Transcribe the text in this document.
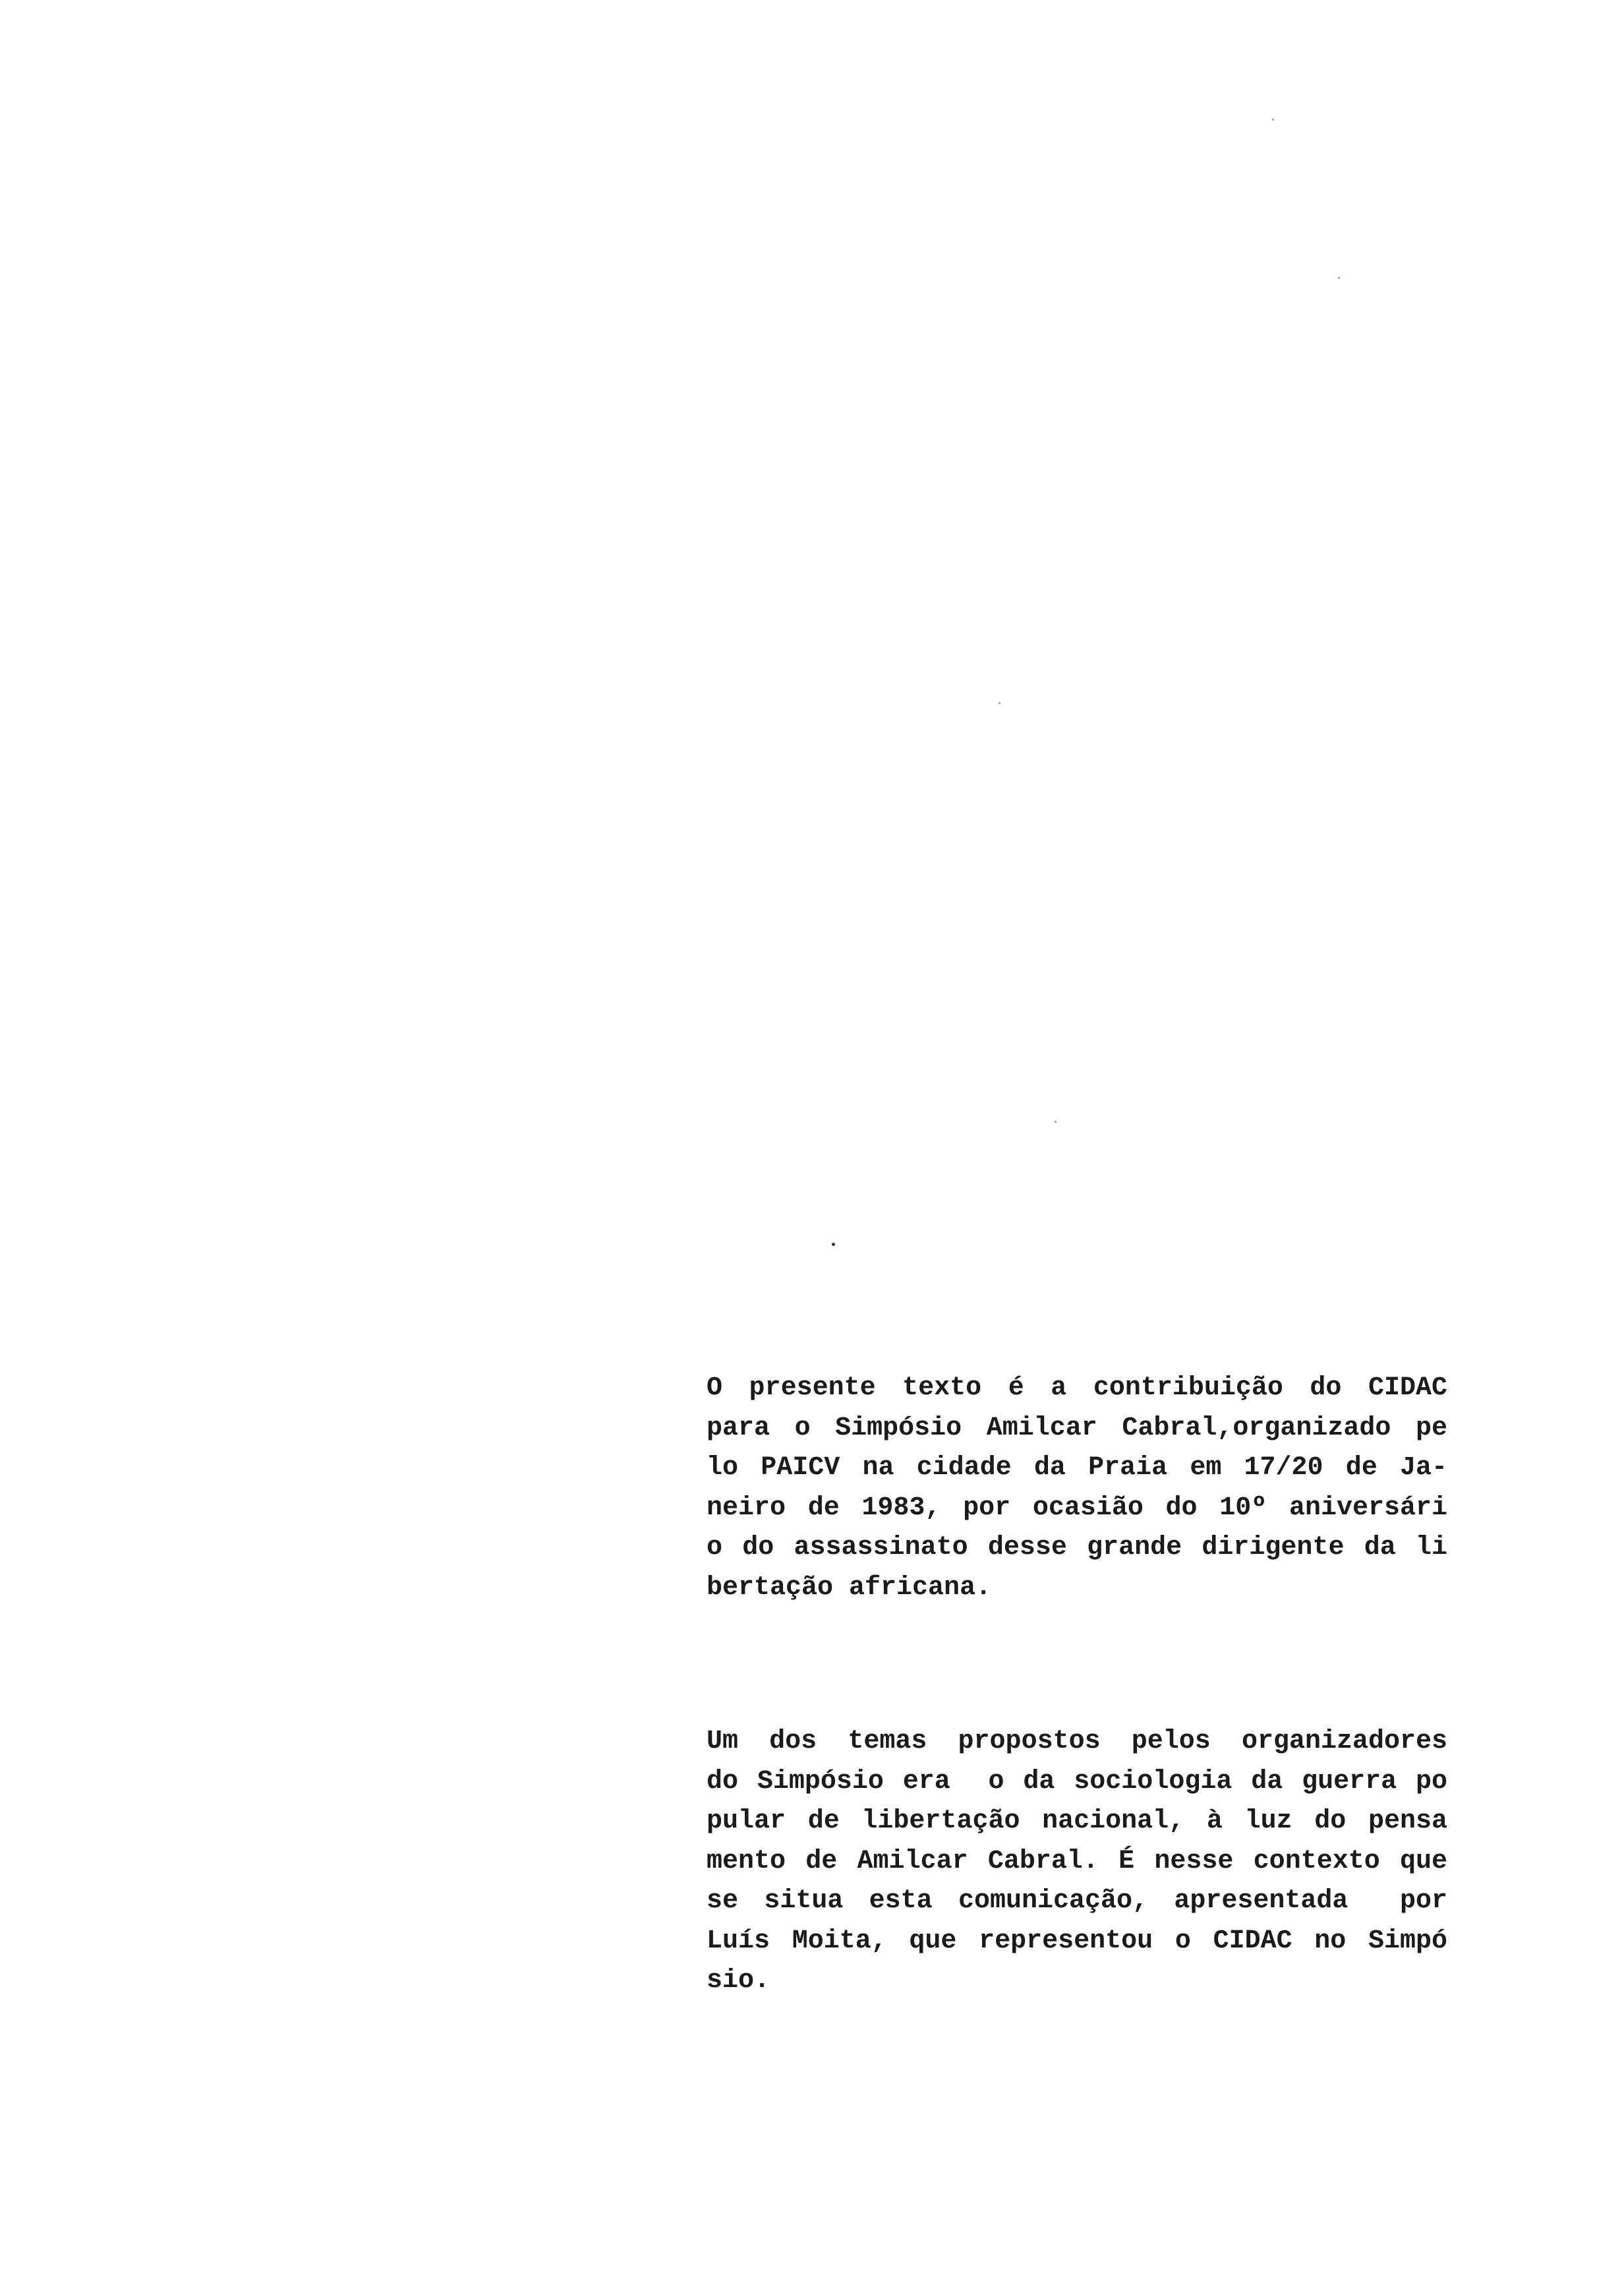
O presente texto é a contribuição do CIDAC
para o Simpósio Amilcar Cabral,organizado pe
lo PAICV na cidade da Praia em 17/20 de Ja-
neiro de 1983, por ocasião do 10º aniversári
o do assassinato desse grande dirigente da li
bertação africana.
Um dos temas propostos pelos organizadores
do Simpósio era  o da sociologia da guerra po
pular de libertação nacional, à luz do pensa
mento de Amilcar Cabral. É nesse contexto que
se situa esta comunicação, apresentada  por
Luís Moita, que representou o CIDAC no Simpó
sio.
